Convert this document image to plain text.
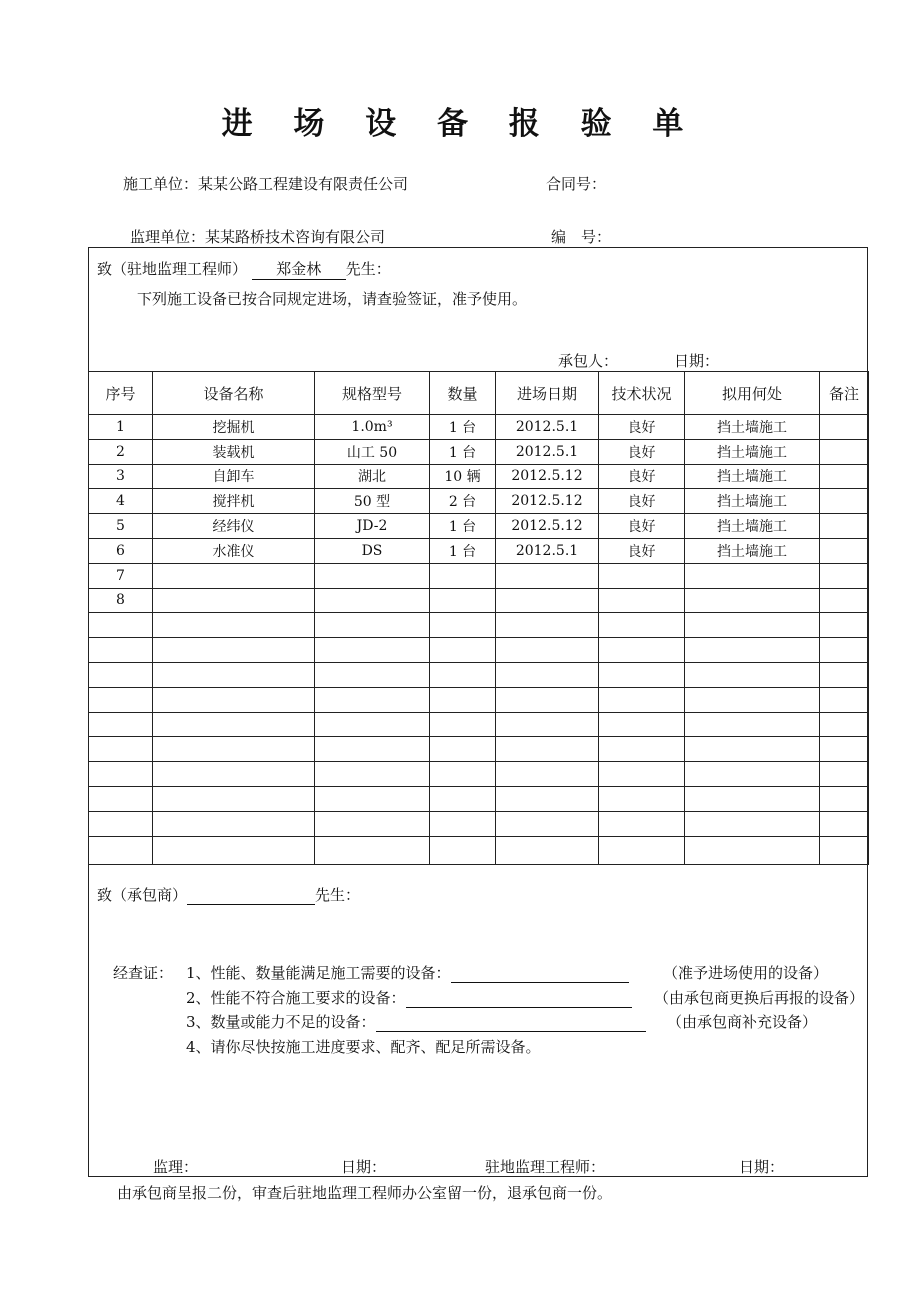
进 场 设 备 报 验 单
施工单位：某某公路工程建设有限责任公司	合同号：
监理单位：某某路桥技术咨询有限公司	编　号：
致（驻地监理工程师） 郑金林 先生：
下列施工设备已按合同规定进场，请查验签证，准予使用。
承包人：	日期：
序号	设备名称	规格型号	数量	进场日期	技术状况	拟用何处	备注
1	挖掘机	1.0m³	1 台	2012.5.1	良好	挡土墙施工	
2	装载机	山工 50	1 台	2012.5.1	良好	挡土墙施工	
3	自卸车	湖北	10 辆	2012.5.12	良好	挡土墙施工	
4	搅拌机	50 型	2 台	2012.5.12	良好	挡土墙施工	
5	经纬仪	JD-2	1 台	2012.5.12	良好	挡土墙施工	
6	水准仪	DS	1 台	2012.5.1	良好	挡土墙施工	
7							
8							

致（承包商）	先生：
经查证： 1、性能、数量能满足施工需要的设备：	（准予进场使用的设备）
2、性能不符合施工要求的设备：	（由承包商更换后再报的设备）
3、数量或能力不足的设备：	（由承包商补充设备）
4、请你尽快按施工进度要求、配齐、配足所需设备。
监理：	日期：	驻地监理工程师：	日期：
由承包商呈报二份，审查后驻地监理工程师办公室留一份，退承包商一份。
